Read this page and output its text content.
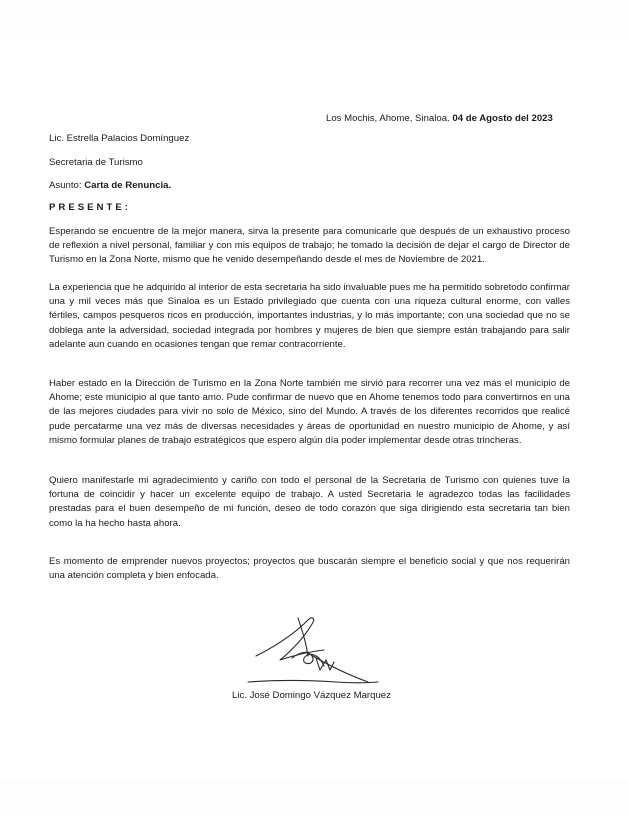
Los Mochis, Ahome, Sinaloa. 04 de Agosto del 2023
Lic. Estrella Palacios Domínguez
Secretaria de Turismo
Asunto: Carta de Renuncia.
PRESENTE:

Esperando se encuentre de la mejor manera, sirva la presente para comunicarle que después de un exhaustivo proceso de reflexión a nivel personal, familiar y con mis equipos de trabajo; he tomado la decisión de dejar el cargo de Director de Turismo en la Zona Norte, mismo que he venido desempeñando desde el mes de Noviembre de 2021.

La experiencia que he adquirido al interior de esta secretaria ha sido invaluable pues me ha permitido sobretodo confirmar una y mil veces más que Sinaloa es un Estado privilegiado que cuenta con una riqueza cultural enorme, con valles fértiles, campos pesqueros ricos en producción, importantes industrias, y lo más importante; con una sociedad que no se doblega ante la adversidad, sociedad integrada por hombres y mujeres de bien que siempre están trabajando para salir adelante aun cuando en ocasiones tengan que remar contracorriente.

Haber estado en la Dirección de Turismo en la Zona Norte también me sirvió para recorrer una vez más el municipio de Ahome; este municipio al que tanto amo. Pude confirmar de nuevo que en Ahome tenemos todo para convertirnos en una de las mejores ciudades para vivir no solo de México, sino del Mundo. A través de los diferentes recorridos que realicé pude percatarme una vez más de diversas necesidades y áreas de oportunidad en nuestro municipio de Ahome, y así mismo formular planes de trabajo estratégicos que espero algún día poder implementar desde otras trincheras.

Quiero manifestarle mi agradecimiento y cariño con todo el personal de la Secretaria de Turismo con quienes tuve la fortuna de coincidir y hacer un excelente equipo de trabajo. A usted Secretaria le agradezco todas las facilidades prestadas para el buen desempeño de mi función, deseo de todo corazón que siga dirigiendo esta secretaria tan bien como la ha hecho hasta ahora.

Es momento de emprender nuevos proyectos; proyectos que buscarán siempre el beneficio social y que nos requerirán una atención completa y bien enfocada.

Lic. José Domingo Vázquez Marquez
